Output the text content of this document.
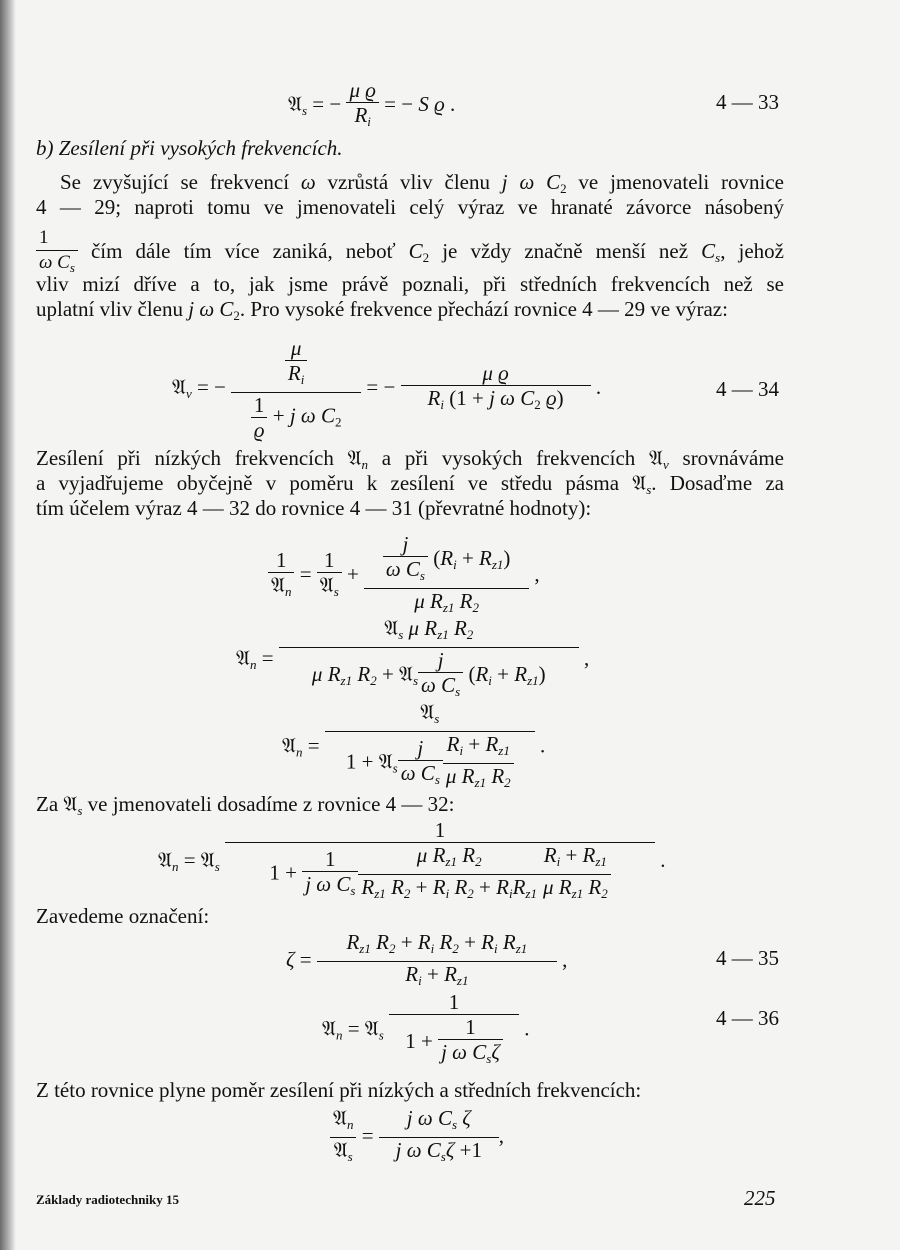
𝔄$_s$ = − $\frac{\text{μ ϱ}}{R_i}$ = − S ϱ .	4 — 33
b) Zesílení při vysokých frekvencích.
Se zvyšující se frekvencí ω vzrůstá vliv členu j ω $C_2$ ve jmenovateli rovnice
4 — 29; naproti tomu ve jmenovateli celý výraz ve hranaté závorce násobený
$\frac{1}{\omega C_s}$ čím dále tím více zaniká, neboť $C_2$ je vždy značně menší než $C_s$, jehož
vliv mizí dříve a to, jak jsme právě poznali, při středních frekvencích než se
uplatní vliv členu j ω $C_2$. Pro vysoké frekvence přechází rovnice 4 — 29 ve výraz:
𝔄$_v$ = − $\frac{\frac{\mu}{R_i}}{\frac{1}{ϱ} + j \omega C_2}$ = − $\frac{\text{μ ϱ}}{R_i (1 + j \omega C_2 ϱ)}$ .	4 — 34
Zesílení při nízkých frekvencích 𝔄$_n$ a při vysokých frekvencích 𝔄$_v$ srovnáváme
a vyjadřujeme obyčejně v poměru k zesílení ve středu pásma 𝔄$_s$. Dosaďme za
tím účelem výraz 4 — 32 do rovnice 4 — 31 (převratné hodnoty):
$\frac{1}{𝔄_n} = \frac{1}{𝔄_s} + \frac{\frac{j}{\omega C_s} (R_i + R_{z1})}{\mu R_{z1} R_2}$ ,
𝔄$_n$ = $\frac{𝔄_s \mu R_{z1} R_2}{\mu R_{z1} R_2 + 𝔄_s \frac{j}{\omega C_s} (R_i + R_{z1})}$ ,
𝔄$_n$ = $\frac{𝔄_s}{1 + 𝔄_s \frac{j}{\omega C_s} \frac{R_i + R_{z1}}{\mu R_{z1} R_2}}$ .
Za 𝔄$_s$ ve jmenovateli dosadíme z rovnice 4 — 32:
𝔄$_n$ = 𝔄$_s$ $\frac{1}{1 + \frac{1}{j \omega C_s} \frac{\mu R_{z1} R_2}{R_{z1} R_2 + R_i R_2 + R_iR_{z1}} \frac{R_i + R_{z1}}{\mu R_{z1} R_2}}$ .
Zavedeme označení:
$\zeta = \frac{R_{z1} R_2 + R_i R_2 + R_i R_{z1}}{R_i + R_{z1}}$ ,	4 — 35
𝔄$_n$ = 𝔄$_s$ $\frac{1}{1 + \frac{1}{j \omega C_s\zeta}}$ .	4 — 36
Z této rovnice plyne poměr zesílení při nízkých a středních frekvencích:
$\frac{𝔄_n}{𝔄_s} = \frac{j \omega C_s \zeta}{j \omega C_s\zeta +1}$ ,
Základy radiotechniky 15	225
